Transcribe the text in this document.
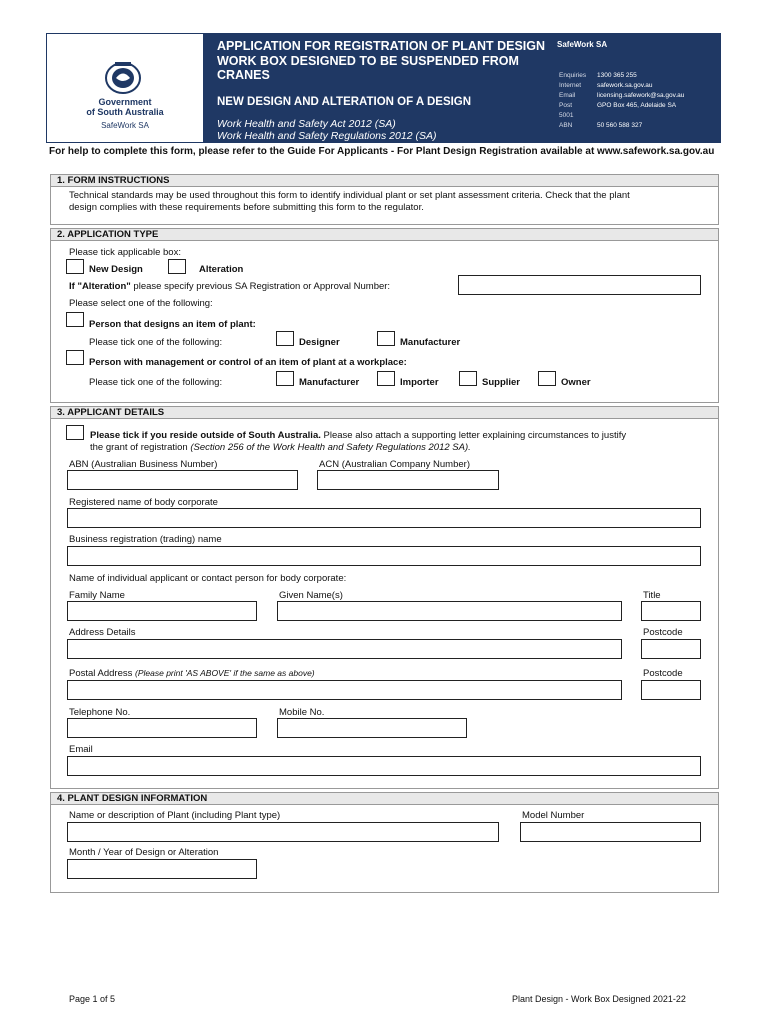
Government
of South Australia
SafeWork SA
APPLICATION FOR REGISTRATION OF PLANT DESIGN
WORK BOX DESIGNED TO BE SUSPENDED FROM
CRANES
NEW DESIGN AND ALTERATION OF A DESIGN
Work Health and Safety Act 2012 (SA)
Work Health and Safety Regulations 2012 (SA)
SafeWork SA
Enquiries 1300 365 255
Internet safework.sa.gov.au
Email	licensing.safework@sa.gov.au
Post	GPO Box 465, Adelaide SA
5001
ABN	50 560 588 327
For help to complete this form, please refer to the Guide For Applicants - For Plant Design Registration available at www.safework.sa.gov.au
1. FORM INSTRUCTIONS
Technical standards may be used throughout this form to identify individual plant or set plant assessment criteria. Check that the plant
design complies with these requirements before submitting this form to the regulator.
2. APPLICATION TYPE
Please tick applicable box:
New Design	Alteration
If "Alteration" please specify previous SA Registration or Approval Number:
Please select one of the following:
Person that designs an item of plant:
Please tick one of the following:	Designer	Manufacturer
Person with management or control of an item of plant at a workplace:
Please tick one of the following:	Manufacturer	Importer	Supplier	Owner
3. APPLICANT DETAILS
Please tick if you reside outside of South Australia. Please also attach a supporting letter explaining circumstances to justify
the grant of registration (Section 256 of the Work Health and Safety Regulations 2012 SA).
ABN (Australian Business Number)	ACN (Australian Company Number)
Registered name of body corporate
Business registration (trading) name
Name of individual applicant or contact person for body corporate:
Family Name	Given Name(s)	Title
Address Details	Postcode
Postal Address (Please print 'AS ABOVE' if the same as above)	Postcode
Telephone No.	Mobile No.
Email
4. PLANT DESIGN INFORMATION
Name or description of Plant (including Plant type)	Model Number
Month / Year of Design or Alteration
Page 1 of 5	Plant Design - Work Box Designed 2021-22
